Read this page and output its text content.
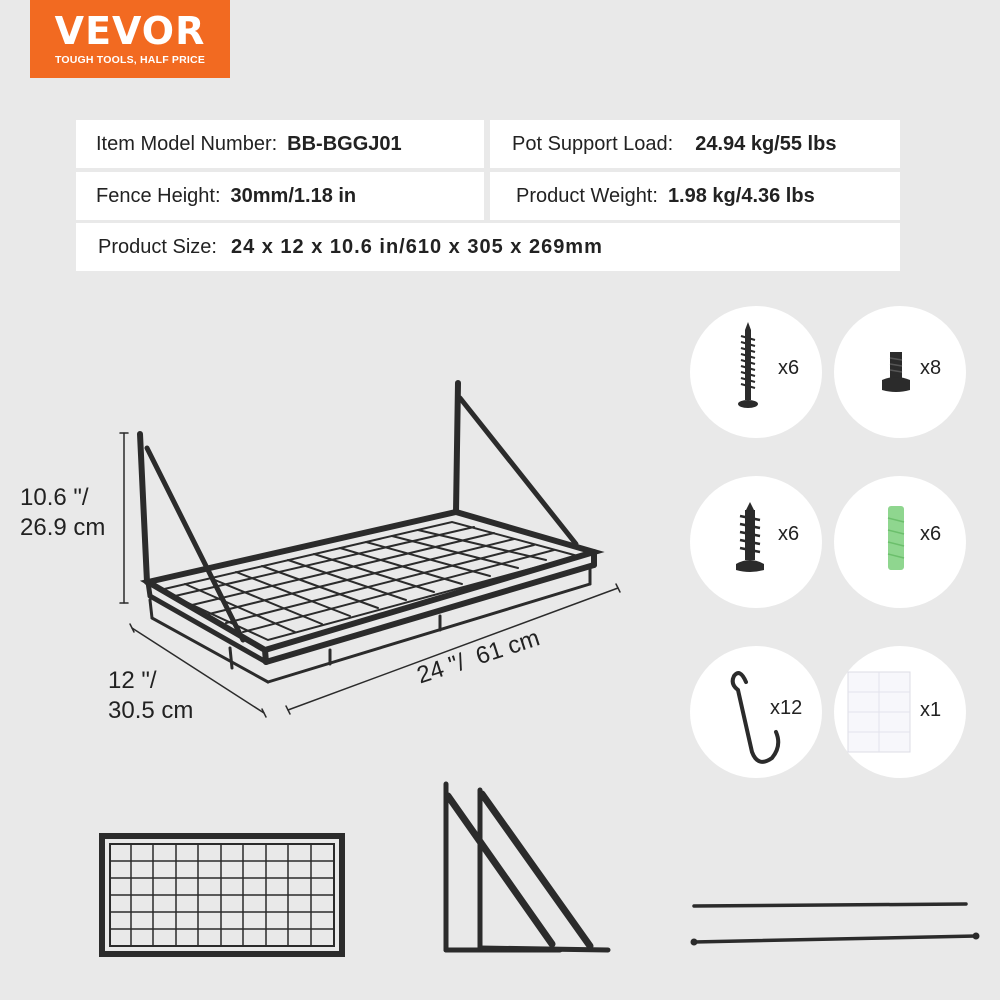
VEVOR
TOUGH TOOLS, HALF PRICE
Item Model Number: BB-BGGJ01	Pot Support Load: 24.94 kg/55 lbs
Fence Height: 30mm/1.18 in	Product Weight: 1.98 kg/4.36 lbs
Product Size: 24 x 12 x 10.6 in/610 x 305 x 269mm
10.6 "/
26.9 cm
12 "/
30.5 cm
24 "/  61 cm
x6	x8
x6	x6
x12	x1
